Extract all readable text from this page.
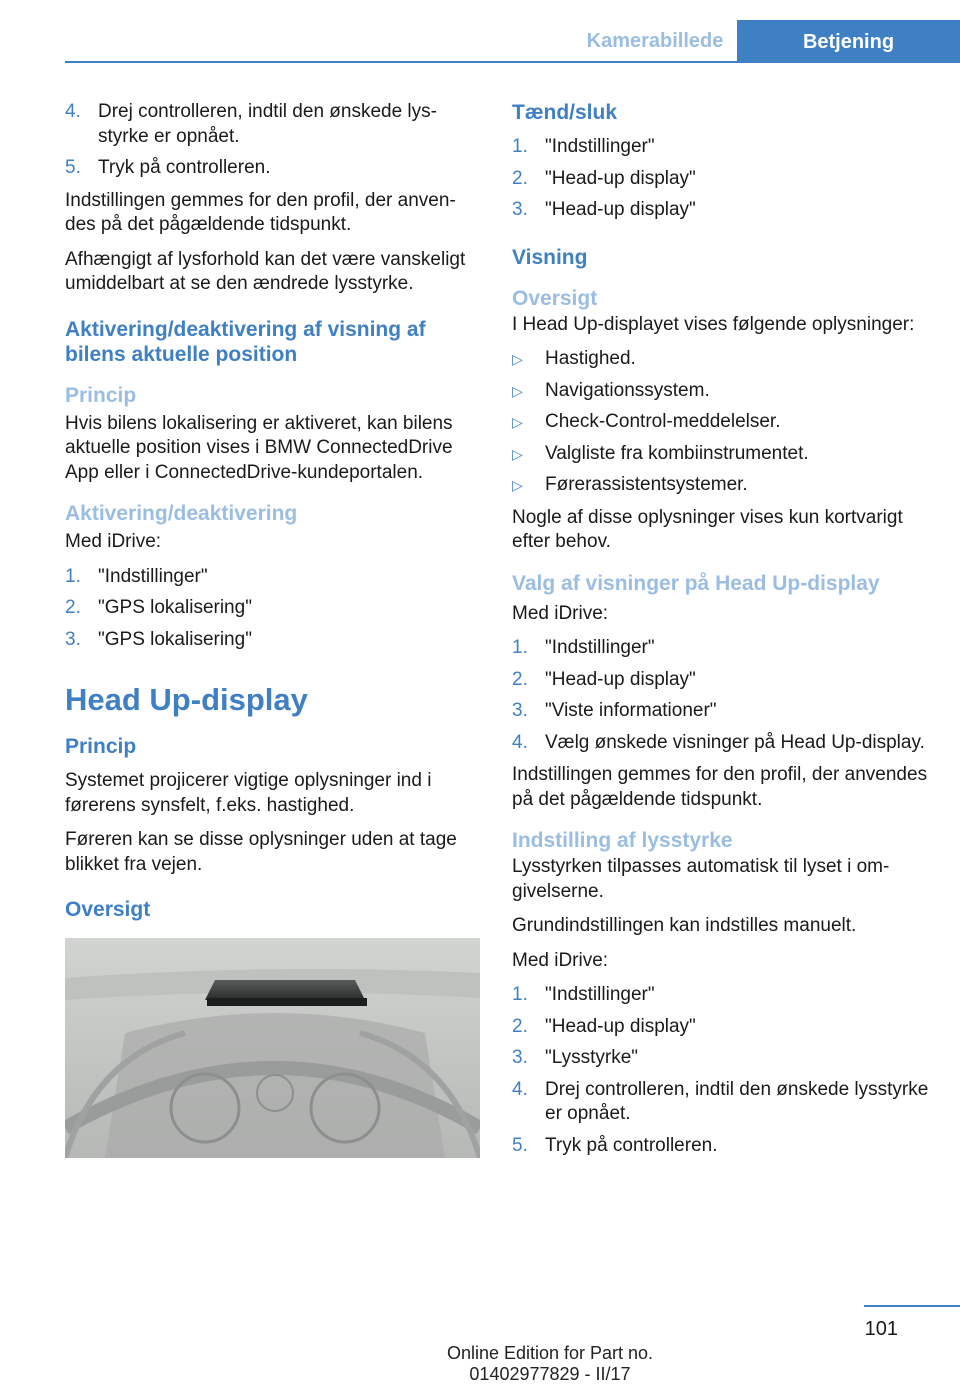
Kamerabillede	Betjening
4. Drej controlleren, indtil den ønskede lysstyrke er opnået.
5. Tryk på controlleren.

Indstillingen gemmes for den profil, der anvendes på det pågældende tidspunkt.

Afhængigt af lysforhold kan det være vanskeligt umiddelbart at se den ændrede lysstyrke.

Aktivering/deaktivering af visning af bilens aktuelle position
Princip

Hvis bilens lokalisering er aktiveret, kan bilens aktuelle position vises i BMW ConnectedDrive App eller i ConnectedDrive-kundeportalen.

Aktivering/deaktivering

Med iDrive:

1. "Indstillinger"
2. "GPS lokalisering"
3. "GPS lokalisering"
Head Up-display
Princip

Systemet projicerer vigtige oplysninger ind i førerens synsfelt, f.eks. hastighed.

Føreren kan se disse oplysninger uden at tage blikket fra vejen.

Oversigt
Tænd/sluk
1. "Indstillinger"
2. "Head-up display"
3. "Head-up display"
Visning
Oversigt

I Head Up-displayet vises følgende oplysninger:

▷	Hastighed.
▷	Navigationssystem.
▷	Check-Control-meddelelser.
▷	Valgliste fra kombiinstrumentet.
▷	Førerassistentsystemer.

Nogle af disse oplysninger vises kun kortvarigt efter behov.

Valg af visninger på Head Up-display

Med iDrive:

1. "Indstillinger"
2. "Head-up display"
3. "Viste informationer"
4. Vælg ønskede visninger på Head Up-display.

Indstillingen gemmes for den profil, der anvendes på det pågældende tidspunkt.

Indstilling af lysstyrke

Lysstyrken tilpasses automatisk til lyset i omgivelserne.

Grundindstillingen kan indstilles manuelt.

Med iDrive:

1. "Indstillinger"
2. "Head-up display"
3. "Lysstyrke"
4. Drej controlleren, indtil den ønskede lysstyrke er opnået.
5. Tryk på controlleren.
101
Online Edition for Part no. 01402977829 - II/17
